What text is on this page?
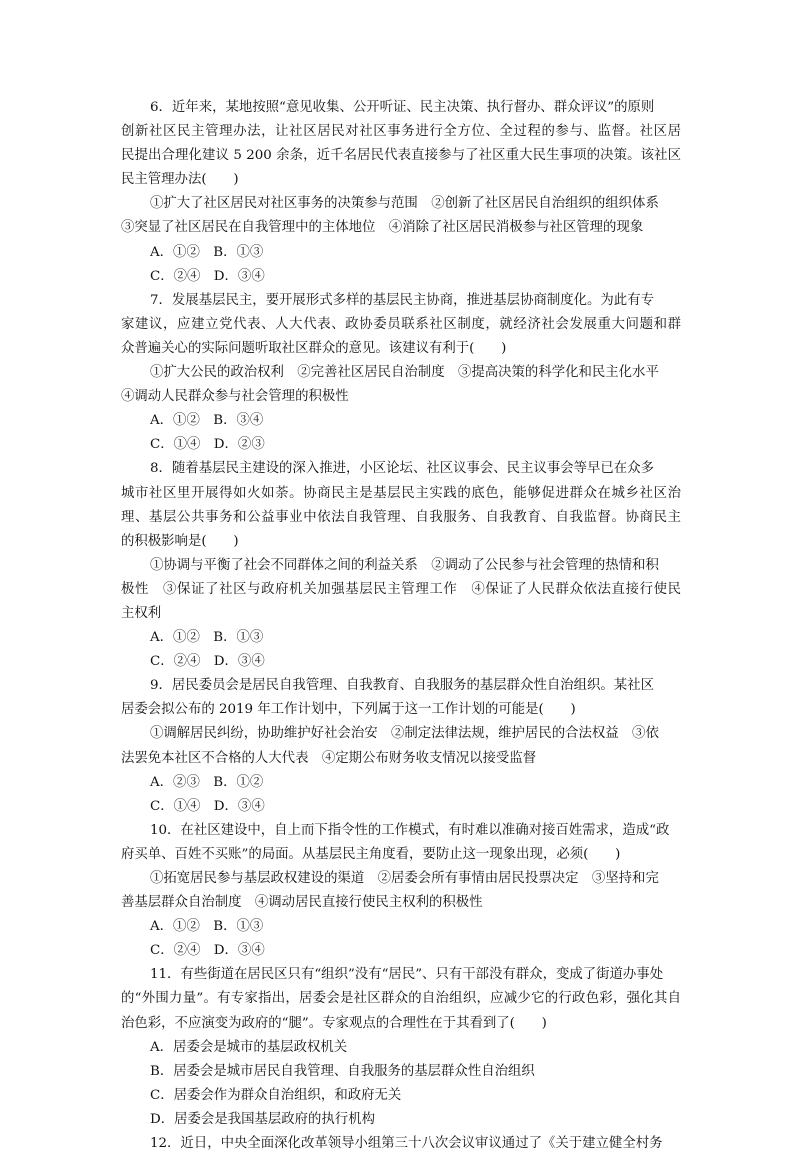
6．近年来，某地按照“意见收集、公开听证、民主决策、执行督办、群众评议”的原则
创新社区民主管理办法，让社区居民对社区事务进行全方位、全过程的参与、监督。社区居
民提出合理化建议 5 200 余条，近千名居民代表直接参与了社区重大民生事项的决策。该社区
民主管理办法(　　)
①扩大了社区居民对社区事务的决策参与范围　②创新了社区居民自治组织的组织体系
③突显了社区居民在自我管理中的主体地位　④消除了社区居民消极参与社区管理的现象
A．①②　B．①③
C．②④　D．③④
7．发展基层民主，要开展形式多样的基层民主协商，推进基层协商制度化。为此有专
家建议，应建立党代表、人大代表、政协委员联系社区制度，就经济社会发展重大问题和群
众普遍关心的实际问题听取社区群众的意见。该建议有利于(　　)
①扩大公民的政治权利　②完善社区居民自治制度　③提高决策的科学化和民主化水平
④调动人民群众参与社会管理的积极性
A．①②　B．③④
C．①④　D．②③
8．随着基层民主建设的深入推进，小区论坛、社区议事会、民主议事会等早已在众多
城市社区里开展得如火如荼。协商民主是基层民主实践的底色，能够促进群众在城乡社区治
理、基层公共事务和公益事业中依法自我管理、自我服务、自我教育、自我监督。协商民主
的积极影响是(　　)
①协调与平衡了社会不同群体之间的利益关系　②调动了公民参与社会管理的热情和积
极性　③保证了社区与政府机关加强基层民主管理工作　④保证了人民群众依法直接行使民
主权利
A．①②　B．①③
C．②④　D．③④
9．居民委员会是居民自我管理、自我教育、自我服务的基层群众性自治组织。某社区
居委会拟公布的 2019 年工作计划中，下列属于这一工作计划的可能是(　　)
①调解居民纠纷，协助维护好社会治安　②制定法律法规，维护居民的合法权益　③依
法罢免本社区不合格的人大代表　④定期公布财务收支情况以接受监督
A．②③　B．①②
C．①④　D．③④
10．在社区建设中，自上而下指令性的工作模式，有时难以准确对接百姓需求，造成“政
府买单、百姓不买账”的局面。从基层民主角度看，要防止这一现象出现，必须(　　)
①拓宽居民参与基层政权建设的渠道　②居委会所有事情由居民投票决定　③坚持和完
善基层群众自治制度　④调动居民直接行使民主权利的积极性
A．①②　B．①③
C．②④　D．③④
11．有些街道在居民区只有“组织”没有“居民”、只有干部没有群众，变成了街道办事处
的“外围力量”。有专家指出，居委会是社区群众的自治组织，应减少它的行政色彩，强化其自
治色彩，不应演变为政府的“腿”。专家观点的合理性在于其看到了(　　)
A．居委会是城市的基层政权机关
B．居委会是城市居民自我管理、自我服务的基层群众性自治组织
C．居委会作为群众自治组织，和政府无关
D．居委会是我国基层政府的执行机构
12．近日，中央全面深化改革领导小组第三十八次会议审议通过了《关于建立健全村务
